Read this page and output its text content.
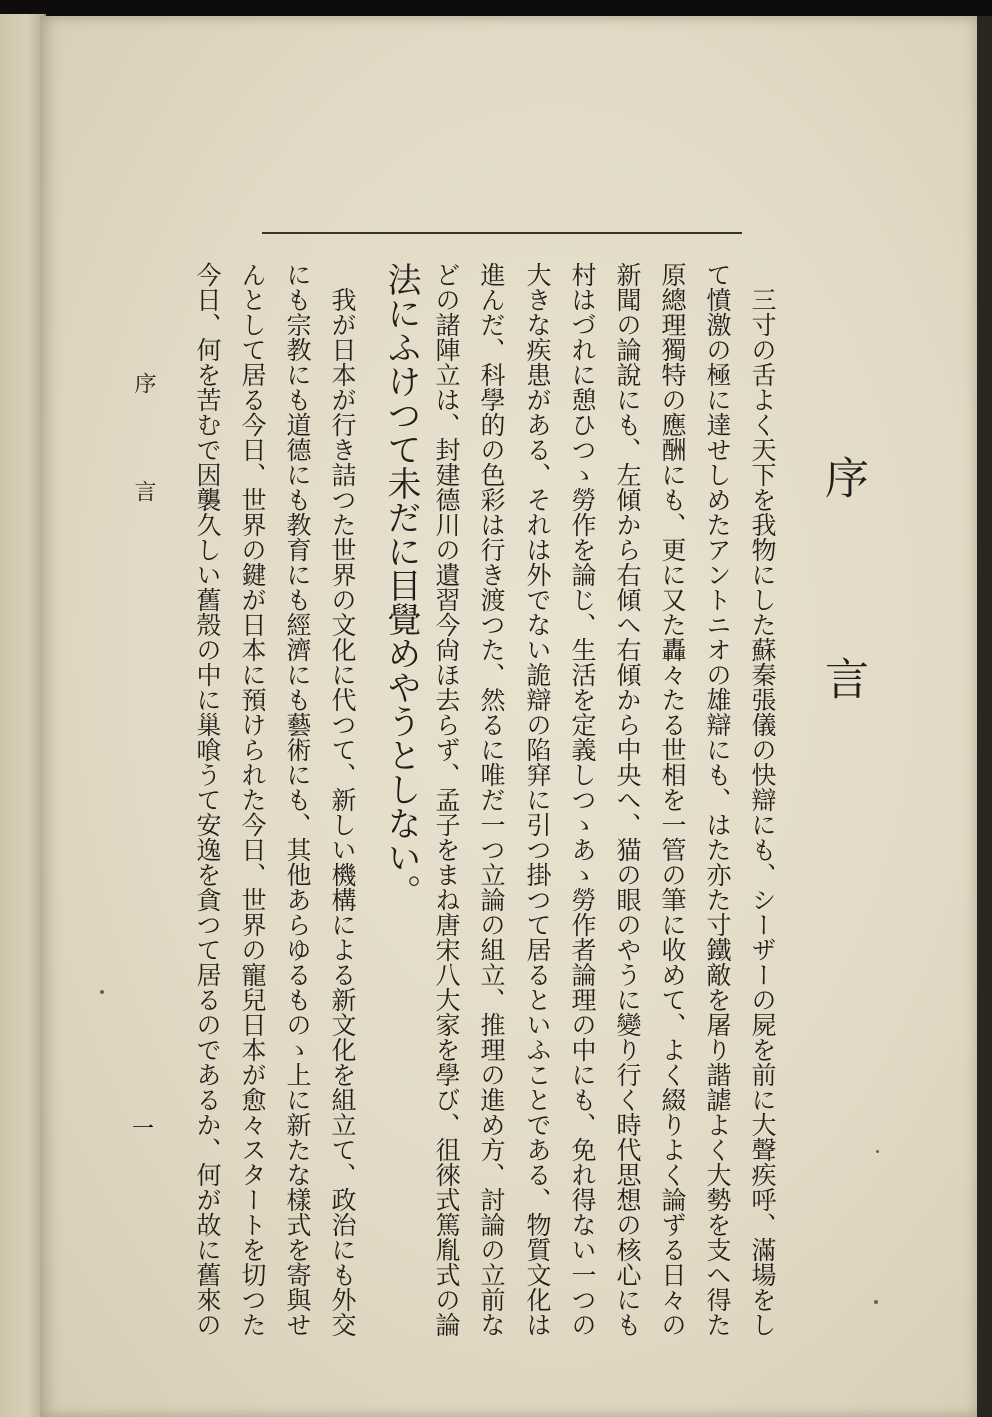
序　言
　三寸の舌よく天下を我物にした蘇秦張儀の快辯にも、シーザーの屍を前に大聲疾呼、滿場をし
て憤激の極に達せしめたアントニオの雄辯にも、はた亦た寸鐵敵を屠り諧謔よく大勢を支へ得た
原總理獨特の應酬にも、更に又た轟々たる世相を一管の筆に收めて、よく綴りよく論ずる日々の
新聞の論說にも、左傾から右傾へ右傾から中央へ、猫の眼のやうに變り行く時代思想の核心にも
村はづれに憩ひつゝ勞作を論じ、生活を定義しつゝあゝ勞作者論理の中にも、免れ得ない一つの
大きな疾患がある、それは外でない詭辯の陷穽に引つ掛つて居るといふことである、物質文化は
進んだ、科學的の色彩は行き渡つた、然るに唯だ一つ立論の組立、推理の進め方、討論の立前な
どの諸陣立は、封建德川の遺習今尙ほ去らず、孟子をまね唐宋八大家を學び、徂徠式篤胤式の論
法にふけつて未だに目覺めやうとしない。
　我が日本が行き詰つた世界の文化に代つて、新しい機構による新文化を組立て、政治にも外交
にも宗教にも道德にも教育にも經濟にも藝術にも、其他あらゆるものゝ上に新たな樣式を寄與せ
んとして居る今日、世界の鍵が日本に預けられた今日、世界の寵兒日本が愈々スタートを切つた
今日、何を苦むで因襲久しい舊殼の中に巢喰うて安逸を貪つて居るのであるか、何が故に舊來の
序　言
一
